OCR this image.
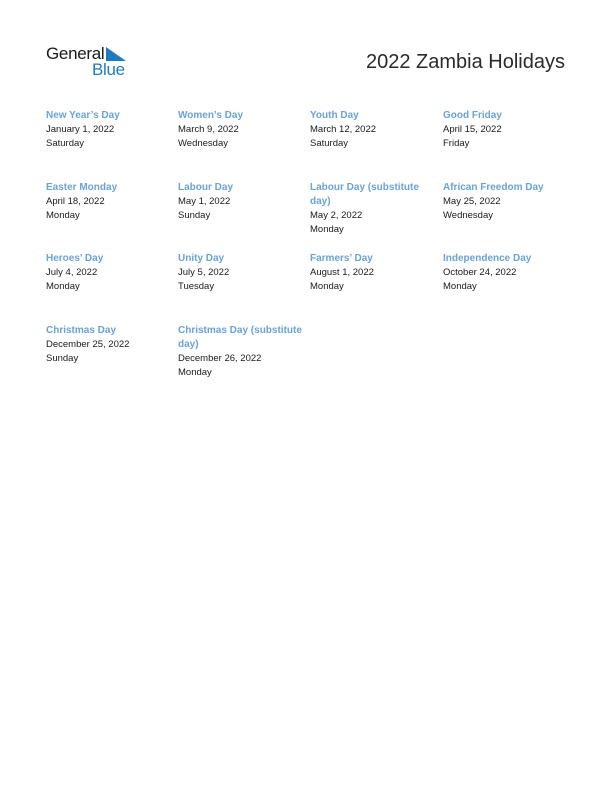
General
Blue	2022 Zambia Holidays
New Year’s Day
January 1, 2022
Saturday
Women’s Day
March 9, 2022
Wednesday
Youth Day
March 12, 2022
Saturday
Good Friday
April 15, 2022
Friday
Easter Monday
April 18, 2022
Monday
Labour Day
May 1, 2022
Sunday
Labour Day (substitute day)
May 2, 2022
Monday
African Freedom Day
May 25, 2022
Wednesday
Heroes’ Day
July 4, 2022
Monday
Unity Day
July 5, 2022
Tuesday
Farmers’ Day
August 1, 2022
Monday
Independence Day
October 24, 2022
Monday
Christmas Day
December 25, 2022
Sunday
Christmas Day (substitute day)
December 26, 2022
Monday
